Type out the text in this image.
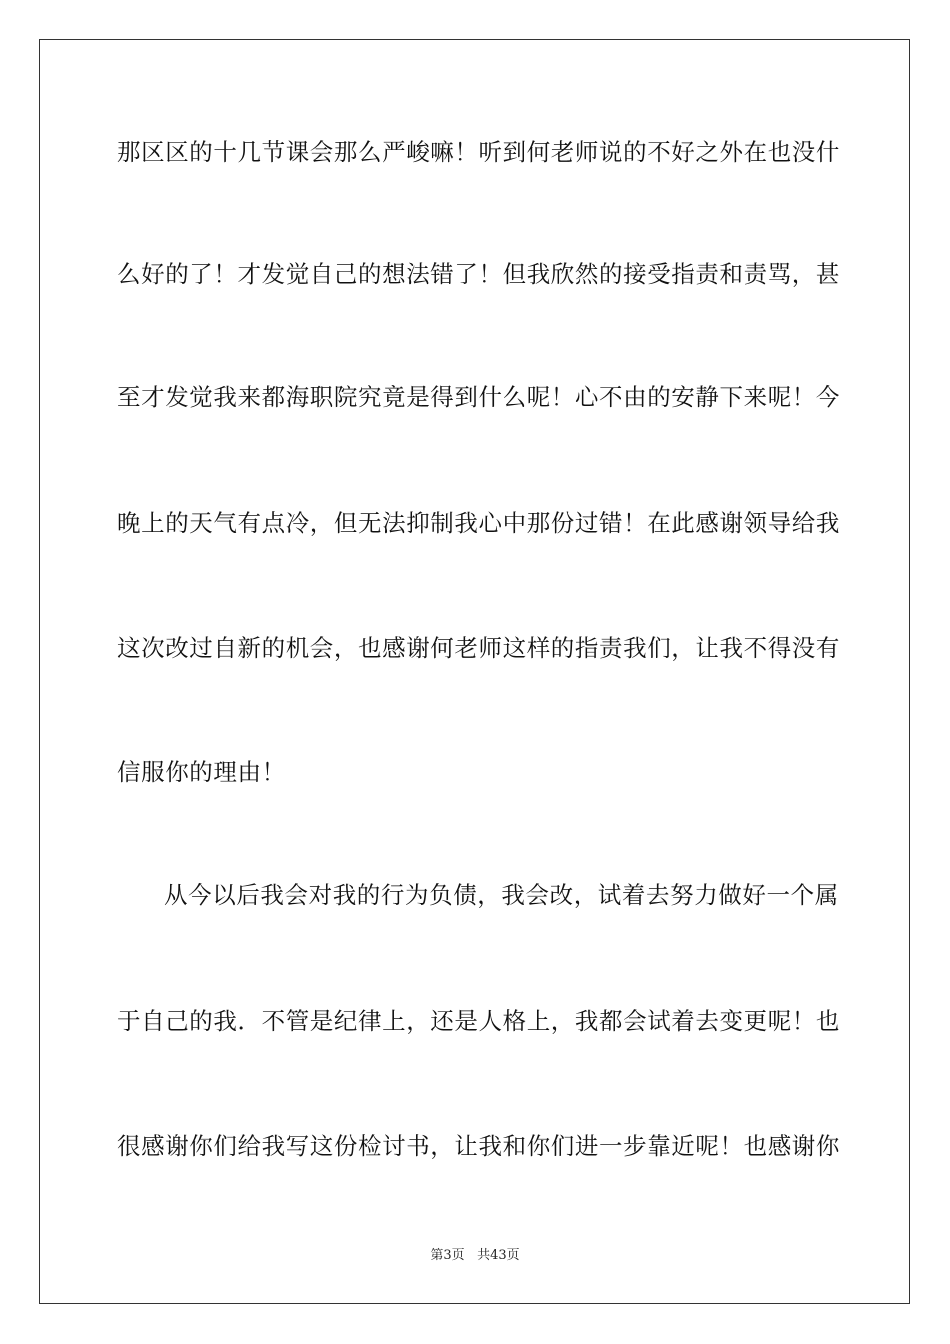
那区区的十几节课会那么严峻嘛！听到何老师说的不好之外在也没什
么好的了！才发觉自己的想法错了！但我欣然的接受指责和责骂，甚
至才发觉我来都海职院究竟是得到什么呢！心不由的安静下来呢！今
晚上的天气有点冷，但无法抑制我心中那份过错！在此感谢领导给我
这次改过自新的机会，也感谢何老师这样的指责我们，让我不得没有
信服你的理由！
从今以后我会对我的行为负债，我会改，试着去努力做好一个属
于自己的我．不管是纪律上，还是人格上，我都会试着去变更呢！也
很感谢你们给我写这份检讨书，让我和你们进一步靠近呢！也感谢你
第3页 共43页
